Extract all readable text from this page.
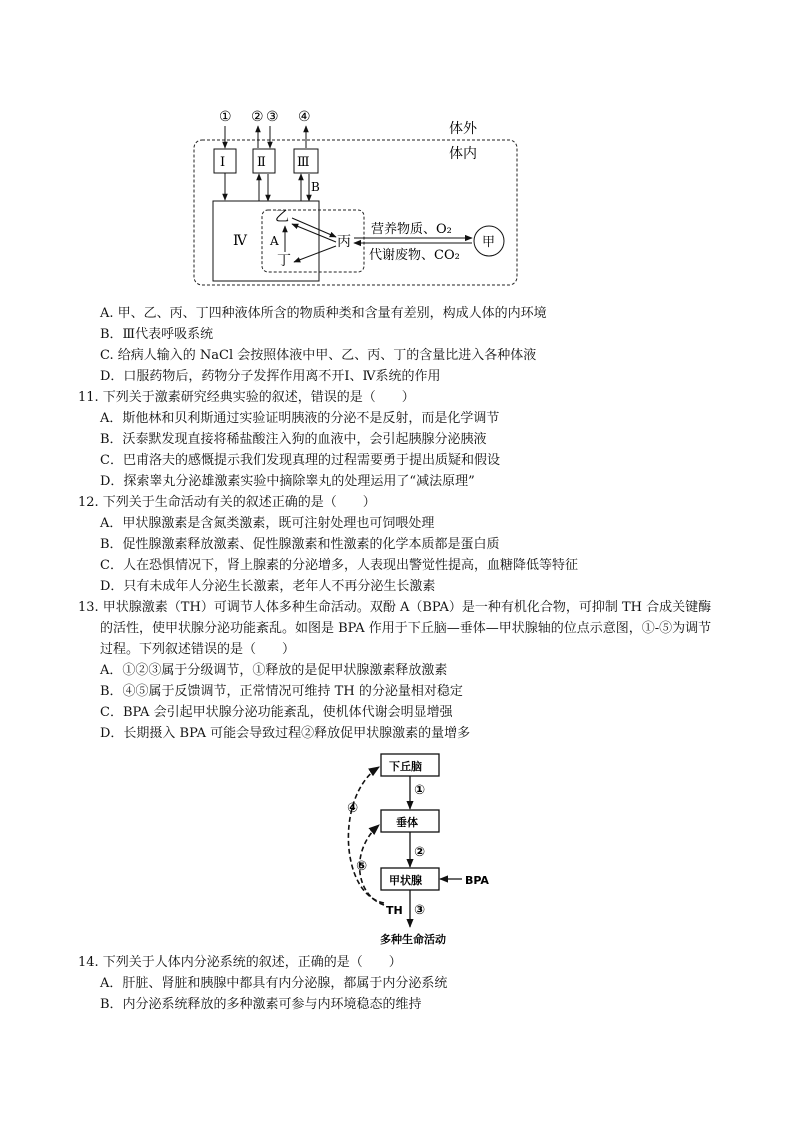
体外
体内
① ② ③ ④
Ⅰ Ⅱ Ⅲ
Ⅳ
B
乙
丁
丙
A
营养物质、O₂
代谢废物、CO₂
甲
A. 甲、乙、丙、丁四种液体所含的物质种类和含量有差别，构成人体的内环境
B．Ⅲ代表呼吸系统
C. 给病人输入的 NaCl 会按照体液中甲、乙、丙、丁的含量比进入各种体液
D．口服药物后，药物分子发挥作用离不开Ⅰ、Ⅳ系统的作用
11. 下列关于激素研究经典实验的叙述，错误的是（　　）
A．斯他林和贝利斯通过实验证明胰液的分泌不是反射，而是化学调节
B．沃泰默发现直接将稀盐酸注入狗的血液中，会引起胰腺分泌胰液
C．巴甫洛夫的感慨提示我们发现真理的过程需要勇于提出质疑和假设
D．探索睾丸分泌雄激素实验中摘除睾丸的处理运用了“减法原理”
12. 下列关于生命活动有关的叙述正确的是（　　）
A．甲状腺激素是含氮类激素，既可注射处理也可饲喂处理
B．促性腺激素释放激素、促性腺激素和性激素的化学本质都是蛋白质
C．人在恐惧情况下，肾上腺素的分泌增多，人表现出警觉性提高，血糖降低等特征
D．只有未成年人分泌生长激素，老年人不再分泌生长激素
13. 甲状腺激素（TH）可调节人体多种生命活动。双酚 A（BPA）是一种有机化合物，可抑制 TH 合成关键酶
的活性，使甲状腺分泌功能紊乱。如图是 BPA 作用于下丘脑—垂体—甲状腺轴的位点示意图，①-⑤为调节
过程。下列叙述错误的是（　　）
A．①②③属于分级调节，①释放的是促甲状腺激素释放激素
B．④⑤属于反馈调节，正常情况可维持 TH 的分泌量相对稳定
C．BPA 会引起甲状腺分泌功能紊乱，使机体代谢会明显增强
D．长期摄入 BPA 可能会导致过程②释放促甲状腺激素的量增多
下丘脑
垂体
甲状腺
①
②
③
BPA
TH
多种生命活动
④
⑤
14. 下列关于人体内分泌系统的叙述，正确的是（　　）
A．肝脏、肾脏和胰腺中都具有内分泌腺，都属于内分泌系统
B．内分泌系统释放的多种激素可参与内环境稳态的维持
